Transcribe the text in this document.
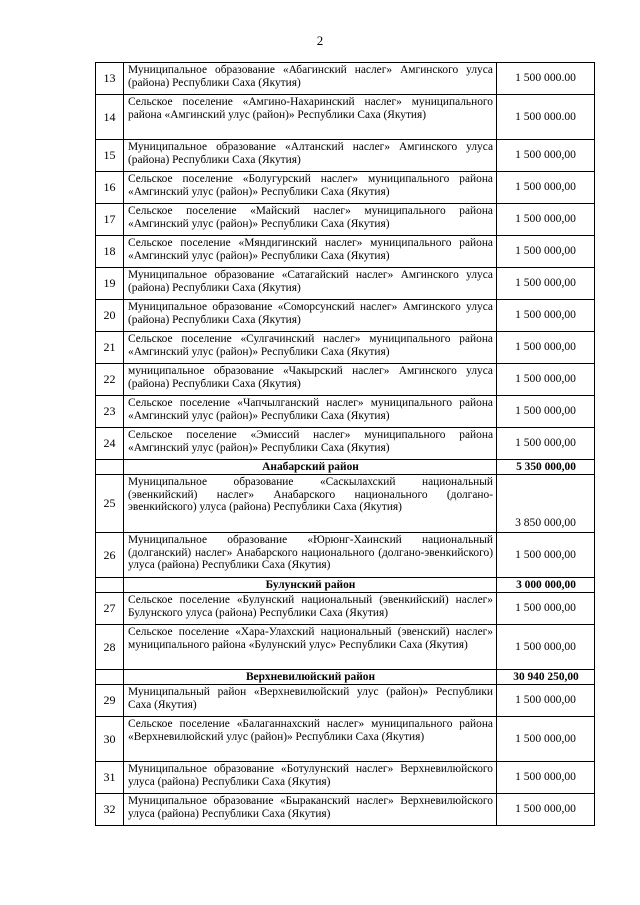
2
13	Муниципальное образование «Абагинский наслег» Амгинского улуса (района) Республики Саха (Якутия)	1 500 000.00
14	Сельское поселение «Амгино-Нахаринский наслег» муниципального района «Амгинский улус (район)» Республики Саха (Якутия)	1 500 000.00
15	Муниципальное образование «Алтанский наслег» Амгинского улуса (района) Республики Саха (Якутия)	1 500 000,00
16	Сельское поселение «Болугурский наслег» муниципального района «Амгинский улус (район)» Республики Саха (Якутия)	1 500 000,00
17	Сельское поселение «Майский наслег» муниципального района «Амгинский улус (район)» Республики Саха (Якутия)	1 500 000,00
18	Сельское поселение «Мяндигинский наслег» муниципального района «Амгинский улус (район)» Республики Саха (Якутия)	1 500 000,00
19	Муниципальное образование «Сатагайский наслег» Амгинского улуса (района) Республики Саха (Якутия)	1 500 000,00
20	Муниципальное образование «Соморсунский наслег» Амгинского улуса (района) Республики Саха (Якутия)	1 500 000,00
21	Сельское поселение «Сулгачинский наслег» муниципального района «Амгинский улус (район)» Республики Саха (Якутия)	1 500 000,00
22	муниципальное образование «Чакырский наслег» Амгинского улуса (района) Республики Саха (Якутия)	1 500 000,00
23	Сельское поселение «Чапчылганский наслег» муниципального района «Амгинский улус (район)» Республики Саха (Якутия)	1 500 000,00
24	Сельское поселение «Эмиссий наслег» муниципального района «Амгинский улус (район)» Республики Саха (Якутия)	1 500 000,00
	Анабарский район	5 350 000,00
25	Муниципальное образование «Саскылахский национальный (эвенкийский) наслег» Анабарского национального (долгано-эвенкийского) улуса (района) Республики Саха (Якутия)	3 850 000,00
26	Муниципальное образование «Юрюнг-Хаинский национальный (долганский) наслег» Анабарского национального (долгано-эвенкийского) улуса (района) Республики Саха (Якутия)	1 500 000,00
	Булунский район	3 000 000,00
27	Сельское поселение «Булунский национальный (эвенкийский) наслег» Булунского улуса (района) Республики Саха (Якутия)	1 500 000,00
28	Сельское поселение «Хара-Улахский национальный (эвенский) наслег» муниципального района «Булунский улус» Республики Саха (Якутия)	1 500 000,00
	Верхневилюйский район	30 940 250,00
29	Муниципальный район «Верхневилюйский улус (район)» Республики Саха (Якутия)	1 500 000,00
30	Сельское поселение «Балаганнахский наслег» муниципального района «Верхневилюйский улус (район)» Республики Саха (Якутия)	1 500 000,00
31	Муниципальное образование «Ботулунский наслег» Верхневилюйского улуса (района) Республики Саха (Якутия)	1 500 000,00
32	Муниципальное образование «Быраканский наслег» Верхневилюйского улуса (района) Республики Саха (Якутия)	1 500 000,00
